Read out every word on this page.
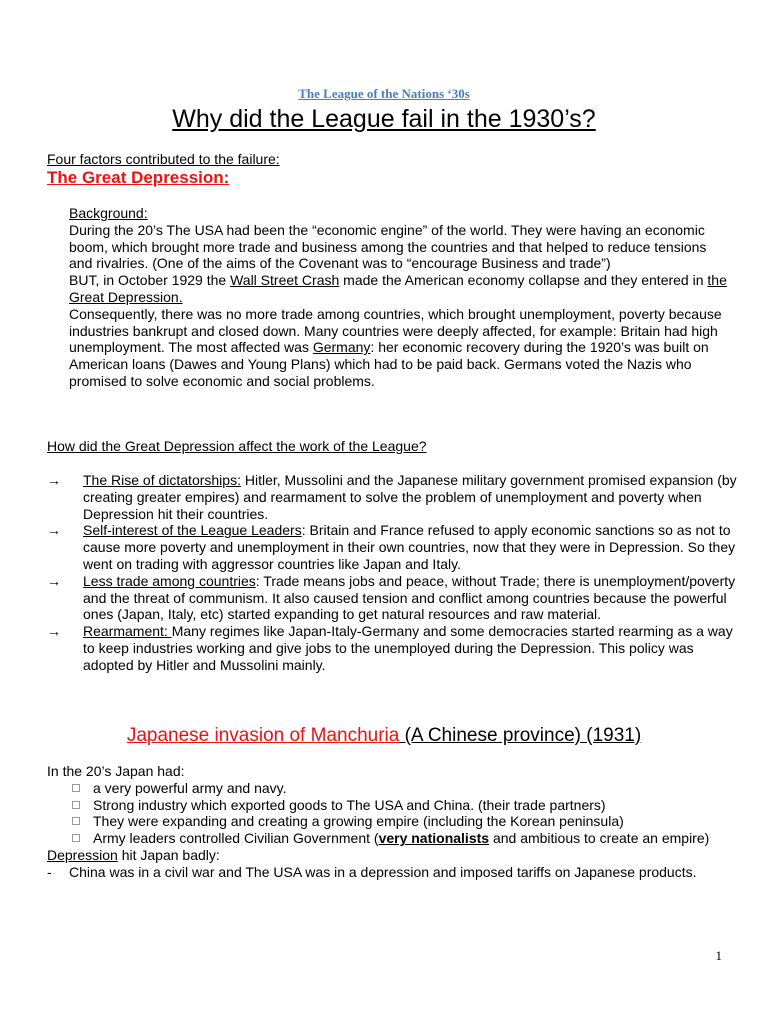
The League of the Nations ‘30s
Why did the League fail in the 1930’s?
Four factors contributed to the failure:
The Great Depression:

Background:

During the 20’s The USA had been the “economic engine” of the world. They were having an economic boom, which brought more trade and business among the countries and that helped to reduce tensions and rivalries. (One of the aims of the Covenant was to “encourage Business and trade”)

BUT, in October 1929 the Wall Street Crash made the American economy collapse and they entered in the Great Depression.

Consequently, there was no more trade among countries, which brought unemployment, poverty because industries bankrupt and closed down. Many countries were deeply affected, for example: Britain had high unemployment. The most affected was Germany: her economic recovery during the 1920’s was built on American loans (Dawes and Young Plans) which had to be paid back. Germans voted the Nazis who promised to solve economic and social problems.

How did the Great Depression affect the work of the League?

→	The Rise of dictatorships: Hitler, Mussolini and the Japanese military government promised expansion (by creating greater empires) and rearmament to solve the problem of unemployment and poverty when Depression hit their countries.

→	Self-interest of the League Leaders: Britain and France refused to apply economic sanctions so as not to cause more poverty and unemployment in their own countries, now that they were in Depression. So they went on trading with aggressor countries like Japan and Italy.

→	Less trade among countries: Trade means jobs and peace, without Trade; there is unemployment/poverty and the threat of communism. It also caused tension and conflict among countries because the powerful ones (Japan, Italy, etc) started expanding to get natural resources and raw material.

→	Rearmament: Many regimes like Japan-Italy-Germany and some democracies started rearming as a way to keep industries working and give jobs to the unemployed during the Depression. This policy was adopted by Hitler and Mussolini mainly.

Japanese invasion of Manchuria (A Chinese province) (1931)

In the 20’s Japan had:

a very powerful army and navy.

Strong industry which exported goods to The USA and China. (their trade partners)

They were expanding and creating a growing empire (including the Korean peninsula)

Army leaders controlled Civilian Government (very nationalists and ambitious to create an empire)

Depression hit Japan badly:

- China was in a civil war and The USA was in a depression and imposed tariffs on Japanese products.

1
